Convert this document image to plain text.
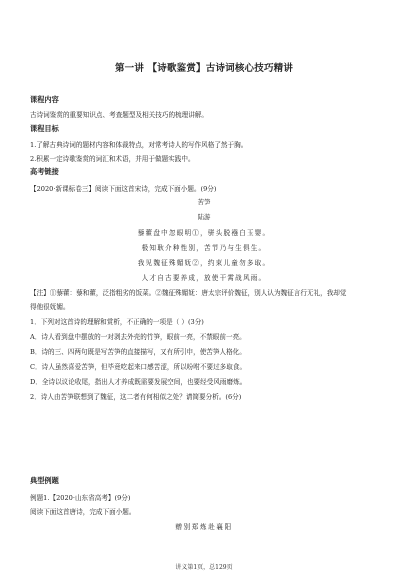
第一讲 【诗歌鉴赏】古诗词核心技巧精讲
课程内容
古诗词鉴赏的重要知识点、考查题型及相关技巧的梳理讲解。
课程目标
1.了解古典诗词的题材内容和体裁特点，对常考诗人的写作风格了然于胸。
2.积累一定诗歌鉴赏的词汇和术语，并用于做题实践中。
高考链接
【2020·新课标卷三】阅读下面这首宋诗，完成下面小题。(9分)
苦笋
陆游
藜藿盘中忽眼明①，骈头脱襁白玉婴。
极知耿介种性别，苦节乃与生俱生。
我见魏征殊媚妩②，约束儿童勿多取。
人才自古要养成，放使干霄战风雨。
【注】①藜藿：藜和藿，泛指粗劣的饭菜。②魏征殊媚妩：唐太宗评价魏征，别人认为魏征言行无礼，我却觉
得他很妩媚。
1．下列对这首诗的理解和赏析，不正确的一项是（ ）(3分)
A．诗人看到盘中摆放的一对剥去外壳的竹笋，眼前一亮，不禁眼前一亮。
B．诗的三、四两句既是写苦笋的直接描写，又有所引申，使苦笋人格化。
C．诗人虽然喜爱苦笋，但毕竟吃起来口感苦涩，所以吩咐不要过多取食。
D．全诗以议论收尾，指出人才养成既需要发展空间，也要经受风雨磨炼。
2．诗人由苦笋联想到了魏征，这二者有何相似之处？请简要分析。(6分)
典型例题
例题1.【2020·山东省高考】(9分)
阅读下面这首唐诗，完成下面小题。
赠别郑炼赴襄阳
讲义第1页，总129页
